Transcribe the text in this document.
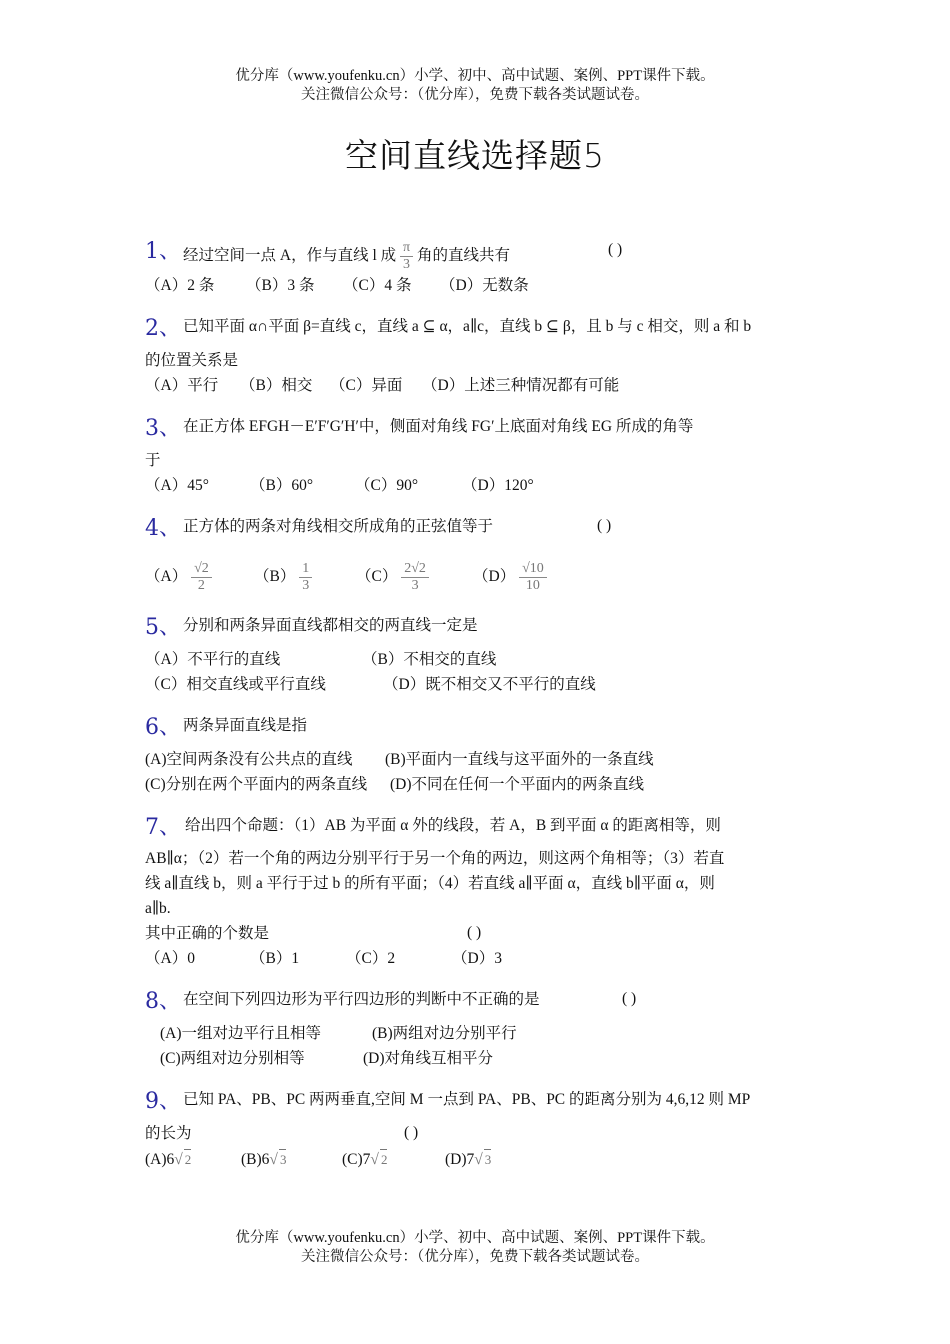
优分库（www.youfenku.cn）小学、初中、高中试题、案例、PPT课件下载。
关注微信公众号：（优分库），免费下载各类试题试卷。
空间直线选择题5
1、 经过空间一点 A，作与直线 l 成 $\frac{\pi}{3}$ 角的直线共有	( )
（A）2 条 （B）3 条 （C）4 条 （D）无数条
2、 已知平面 α∩平面 β=直线 c，直线 a ⊆ α，a∥c，直线 b ⊆ β，且 b 与 c 相交，则 a 和 b
的位置关系是
（A）平行 （B）相交 （C）异面 （D）上述三种情况都有可能
3、 在正方体 EFGH－E′F′G′H′中，侧面对角线 FG′上底面对角线 EG 所成的角等
于
（A）45°	（B）60°	（C）90°	（D）120°
4、 正方体的两条对角线相交所成角的正弦值等于	( )
$(A) \frac{√2}{2}$	$(B) \frac{1}{3}$	$(C) \frac{2√2}{3}$	$(D) \frac{√10}{10}$
5、 分别和两条异面直线都相交的两直线一定是
（A）不平行的直线	（B）不相交的直线
（C）相交直线或平行直线	（D）既不相交又不平行的直线
6、 两条异面直线是指
(A)空间两条没有公共点的直线 (B)平面内一直线与这平面外的一条直线
(C)分别在两个平面内的两条直线 (D)不同在任何一个平面内的两条直线
7、 给出四个命题：（1）AB 为平面 α 外的线段，若 A，B 到平面 α 的距离相等，则
AB∥α；（2）若一个角的两边分别平行于另一个角的两边，则这两个角相等；（3）若直
线 a∥直线 b，则 a 平行于过 b 的所有平面；（4）若直线 a∥平面 α，直线 b∥平面 α，则
a∥b.
其中正确的个数是	( )
（A）0	（B）1	（C）2	（D）3
8、 在空间下列四边形为平行四边形的判断中不正确的是	( )
(A)一组对边平行且相等	(B)两组对边分别平行
(C)两组对边分别相等	(D)对角线互相平分
9、 已知 PA、PB、PC 两两垂直,空间 M 一点到 PA、PB、PC 的距离分别为 4,6,12 则 MP
的长为	( )
(A)6√ 2	(B)6√ 3	(C)7√ 2	(D)7√ 3
优分库（www.youfenku.cn）小学、初中、高中试题、案例、PPT课件下载。
关注微信公众号：（优分库），免费下载各类试题试卷。
